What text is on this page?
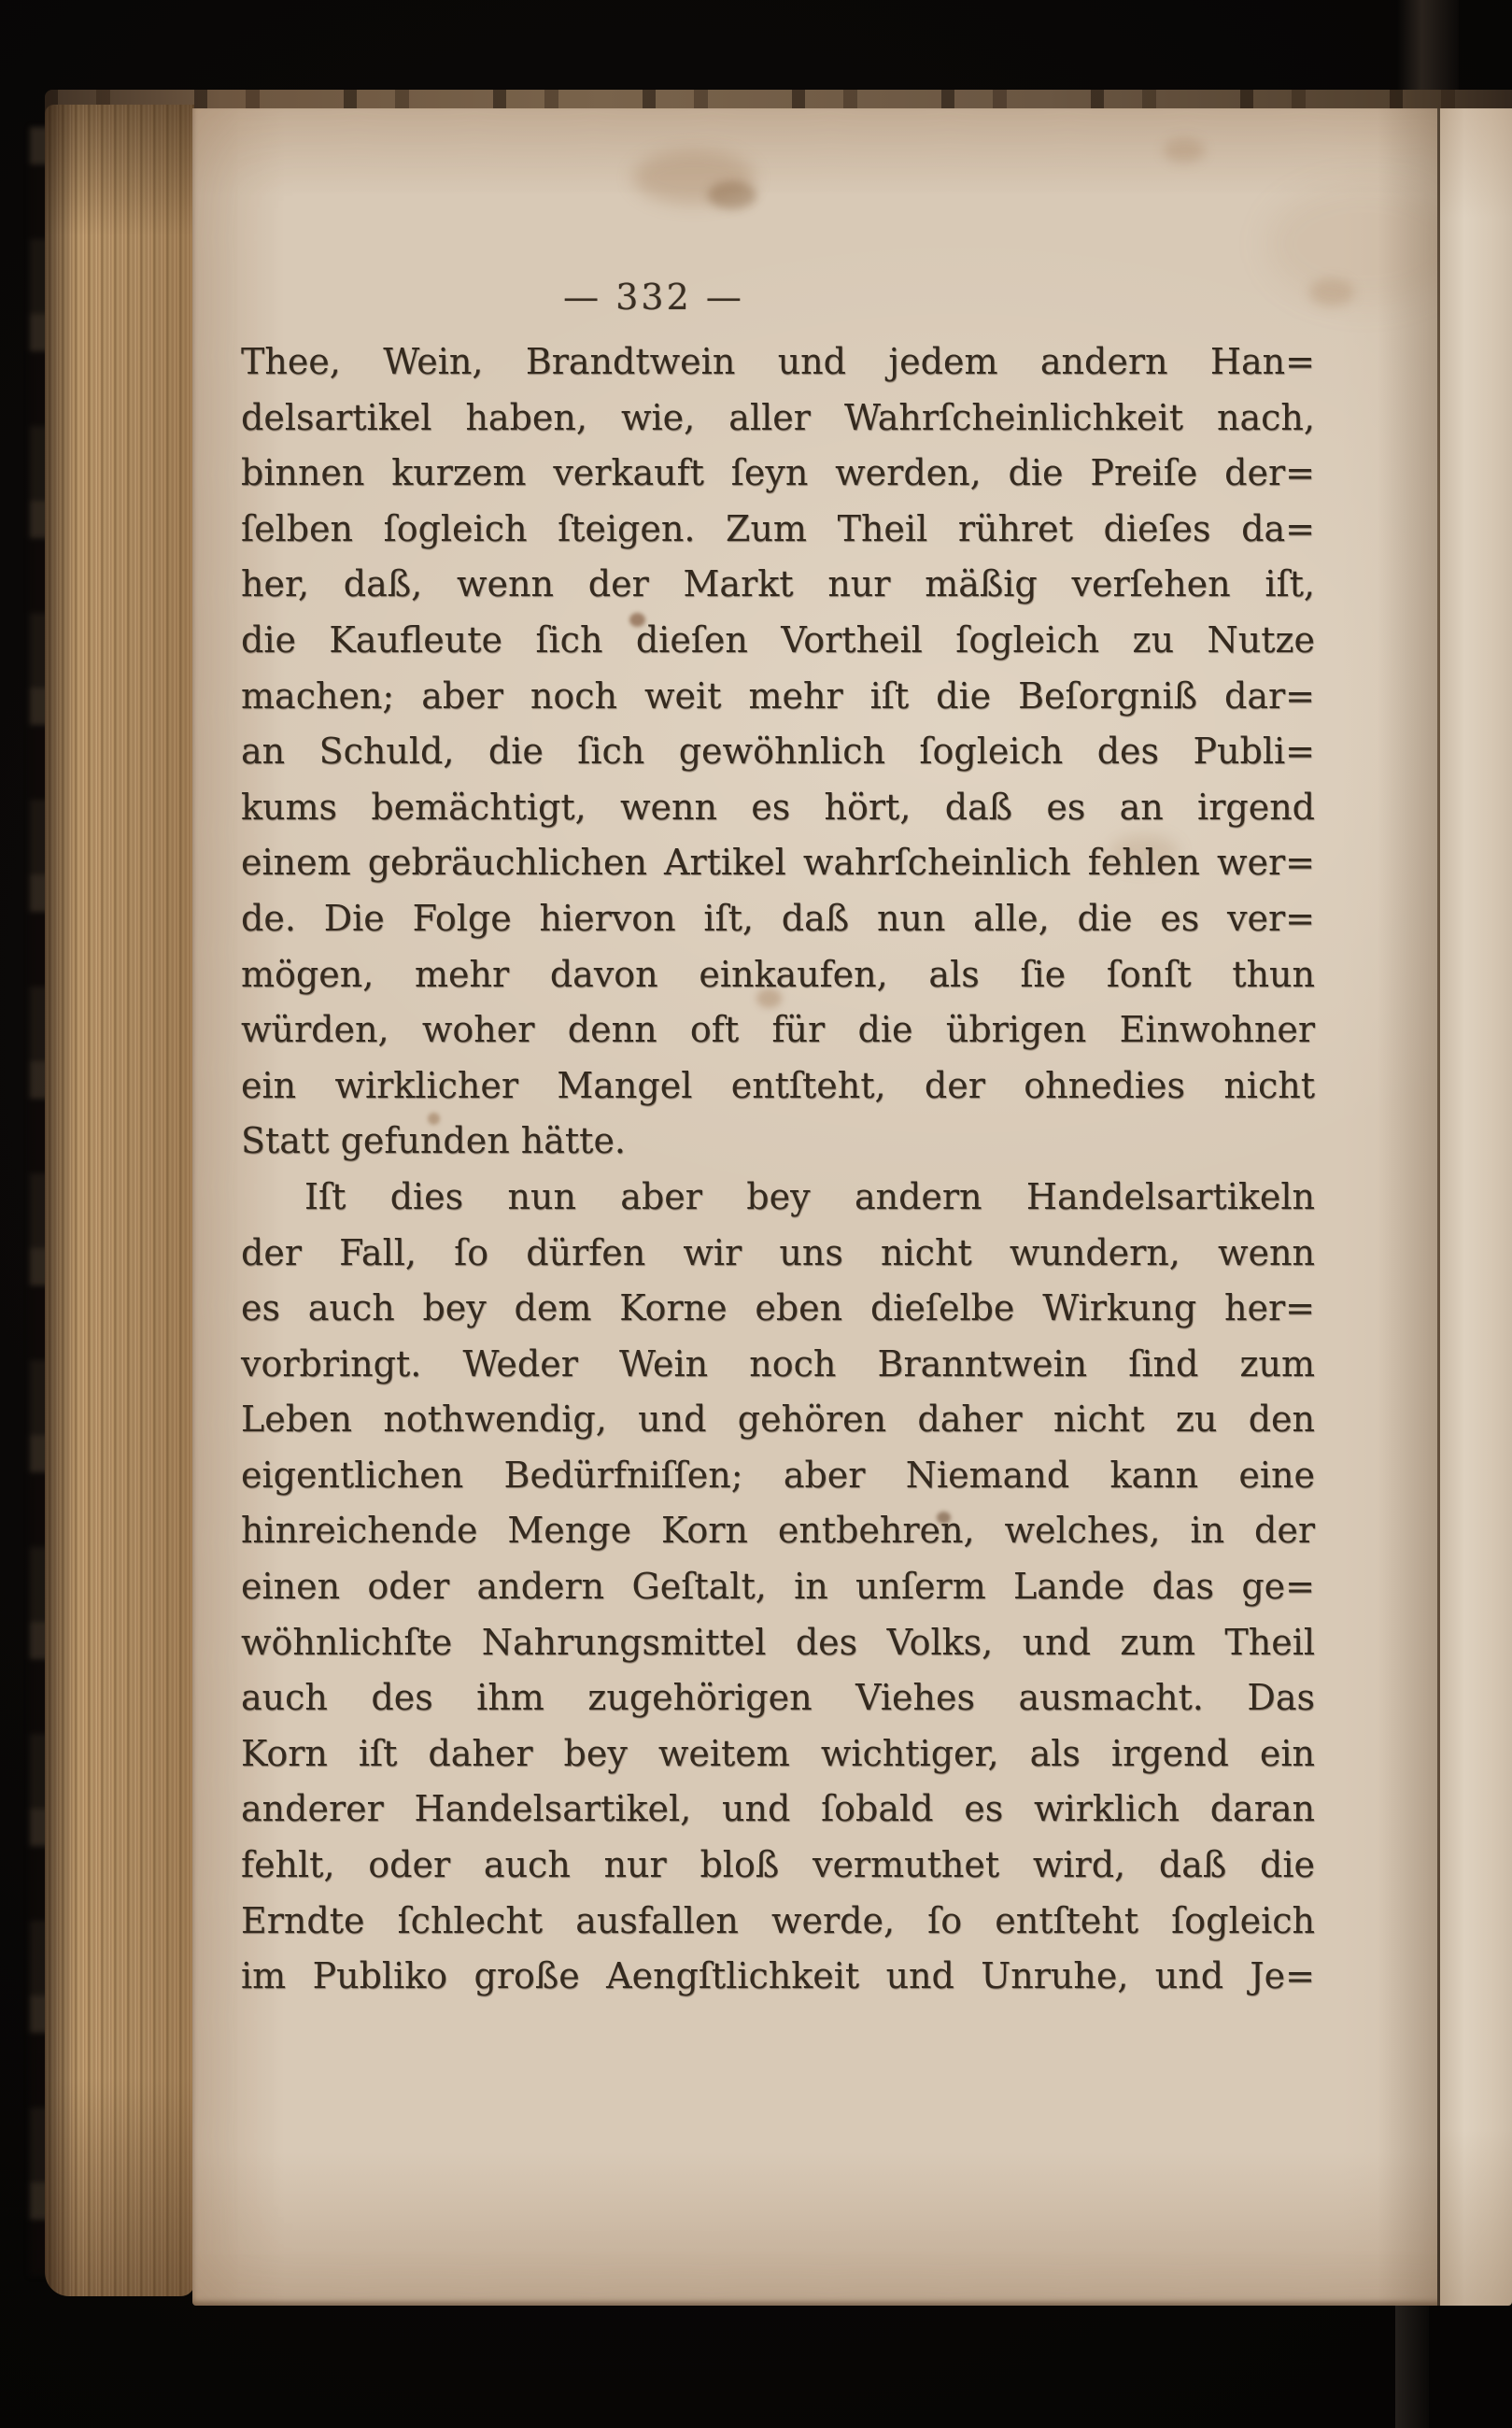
— 332 —
Thee, Wein, Brandtwein und jedem andern Han=
delsartikel haben, wie, aller Wahrſcheinlichkeit nach,
binnen kurzem verkauft ſeyn werden, die Preiſe der=
ſelben ſogleich ſteigen. Zum Theil rühret dieſes da=
her, daß, wenn der Markt nur mäßig verſehen iſt,
die Kaufleute ſich dieſen Vortheil ſogleich zu Nutze
machen; aber noch weit mehr iſt die Beſorgniß dar=
an Schuld, die ſich gewöhnlich ſogleich des Publi=
kums bemächtigt, wenn es hört, daß es an irgend
einem gebräuchlichen Artikel wahrſcheinlich fehlen wer=
de. Die Folge hiervon iſt, daß nun alle, die es ver=
mögen, mehr davon einkaufen, als ſie ſonſt thun
würden, woher denn oft für die übrigen Einwohner
ein wirklicher Mangel entſteht, der ohnedies nicht
Statt gefunden hätte.
Iſt dies nun aber bey andern Handelsartikeln
der Fall, ſo dürfen wir uns nicht wundern, wenn
es auch bey dem Korne eben dieſelbe Wirkung her=
vorbringt. Weder Wein noch Branntwein ſind zum
Leben nothwendig, und gehören daher nicht zu den
eigentlichen Bedürfniſſen; aber Niemand kann eine
hinreichende Menge Korn entbehren, welches, in der
einen oder andern Geſtalt, in unſerm Lande das ge=
wöhnlichſte Nahrungsmittel des Volks, und zum Theil
auch des ihm zugehörigen Viehes ausmacht. Das
Korn iſt daher bey weitem wichtiger, als irgend ein
anderer Handelsartikel, und ſobald es wirklich daran
fehlt, oder auch nur bloß vermuthet wird, daß die
Erndte ſchlecht ausfallen werde, ſo entſteht ſogleich
im Publiko große Aengſtlichkeit und Unruhe, und Je=
